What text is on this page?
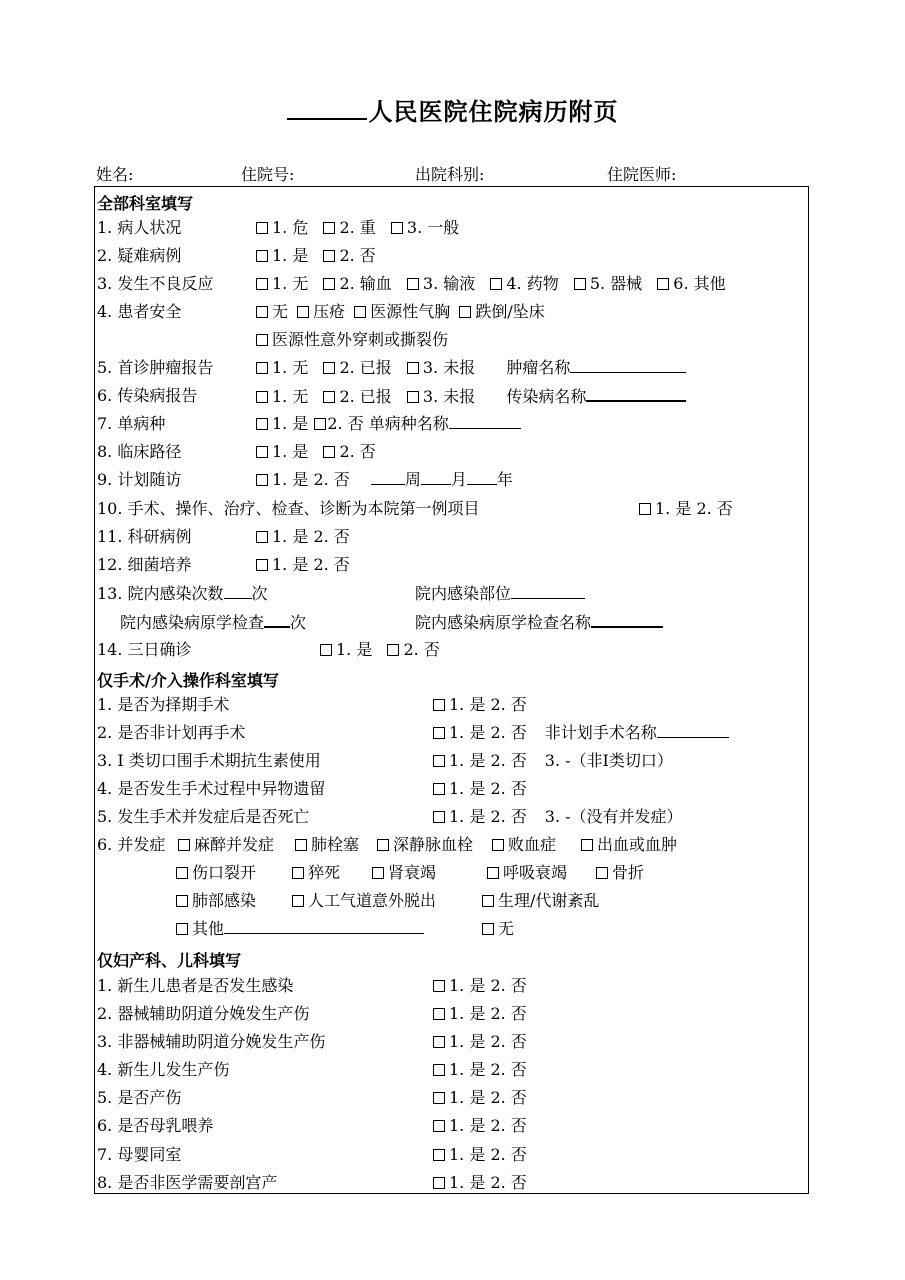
人民医院住院病历附页
姓名:	住院号:	出院科别:	住院医师:
全部科室填写
1. 病人状况	1. 危 2. 重 3. 一般
2. 疑难病例	1. 是 2. 否
3. 发生不良反应	1. 无 2. 输血 3. 输液 4. 药物 5. 器械 6. 其他
4. 患者安全	无 压疮 医源性气胸 跌倒/坠床
医源性意外穿刺或撕裂伤
5. 首诊肿瘤报告	1. 无 2. 已报 3. 未报 肿瘤名称
6. 传染病报告	1. 无 2. 已报 3. 未报 传染病名称
7. 单病种	1. 是 2. 否 单病种名称
8. 临床路径	1. 是 2. 否
9. 计划随访	1. 是 2. 否	周 月 年
10. 手术、操作、治疗、检查、诊断为本院第一例项目	1. 是 2. 否
11. 科研病例	1. 是 2. 否
12. 细菌培养	1. 是 2. 否
13. 院内感染次数 次	院内感染部位
院内感染病原学检查 次	院内感染病原学检查名称
14. 三日确诊	1. 是 2. 否
仅手术/介入操作科室填写
1. 是否为择期手术	1. 是 2. 否
2. 是否非计划再手术	1. 是 2. 否 非计划手术名称
3. Ⅰ 类切口围手术期抗生素使用	1. 是 2. 否 3. -（非Ⅰ类切口）
4. 是否发生手术过程中异物遗留	1. 是 2. 否
5. 发生手术并发症后是否死亡	1. 是 2. 否 3. -（没有并发症）
6. 并发症	麻醉并发症	肺栓塞	深静脉血栓	败血症	出血或血肿
伤口裂开	猝死	肾衰竭	呼吸衰竭	骨折
肺部感染	人工气道意外脱出	生理/代谢紊乱
其他	无
仅妇产科、儿科填写
1. 新生儿患者是否发生感染	1. 是 2. 否
2. 器械辅助阴道分娩发生产伤	1. 是 2. 否
3. 非器械辅助阴道分娩发生产伤	1. 是 2. 否
4. 新生儿发生产伤	1. 是 2. 否
5. 是否产伤	1. 是 2. 否
6. 是否母乳喂养	1. 是 2. 否
7. 母婴同室	1. 是 2. 否
8. 是否非医学需要剖宫产	1. 是 2. 否
